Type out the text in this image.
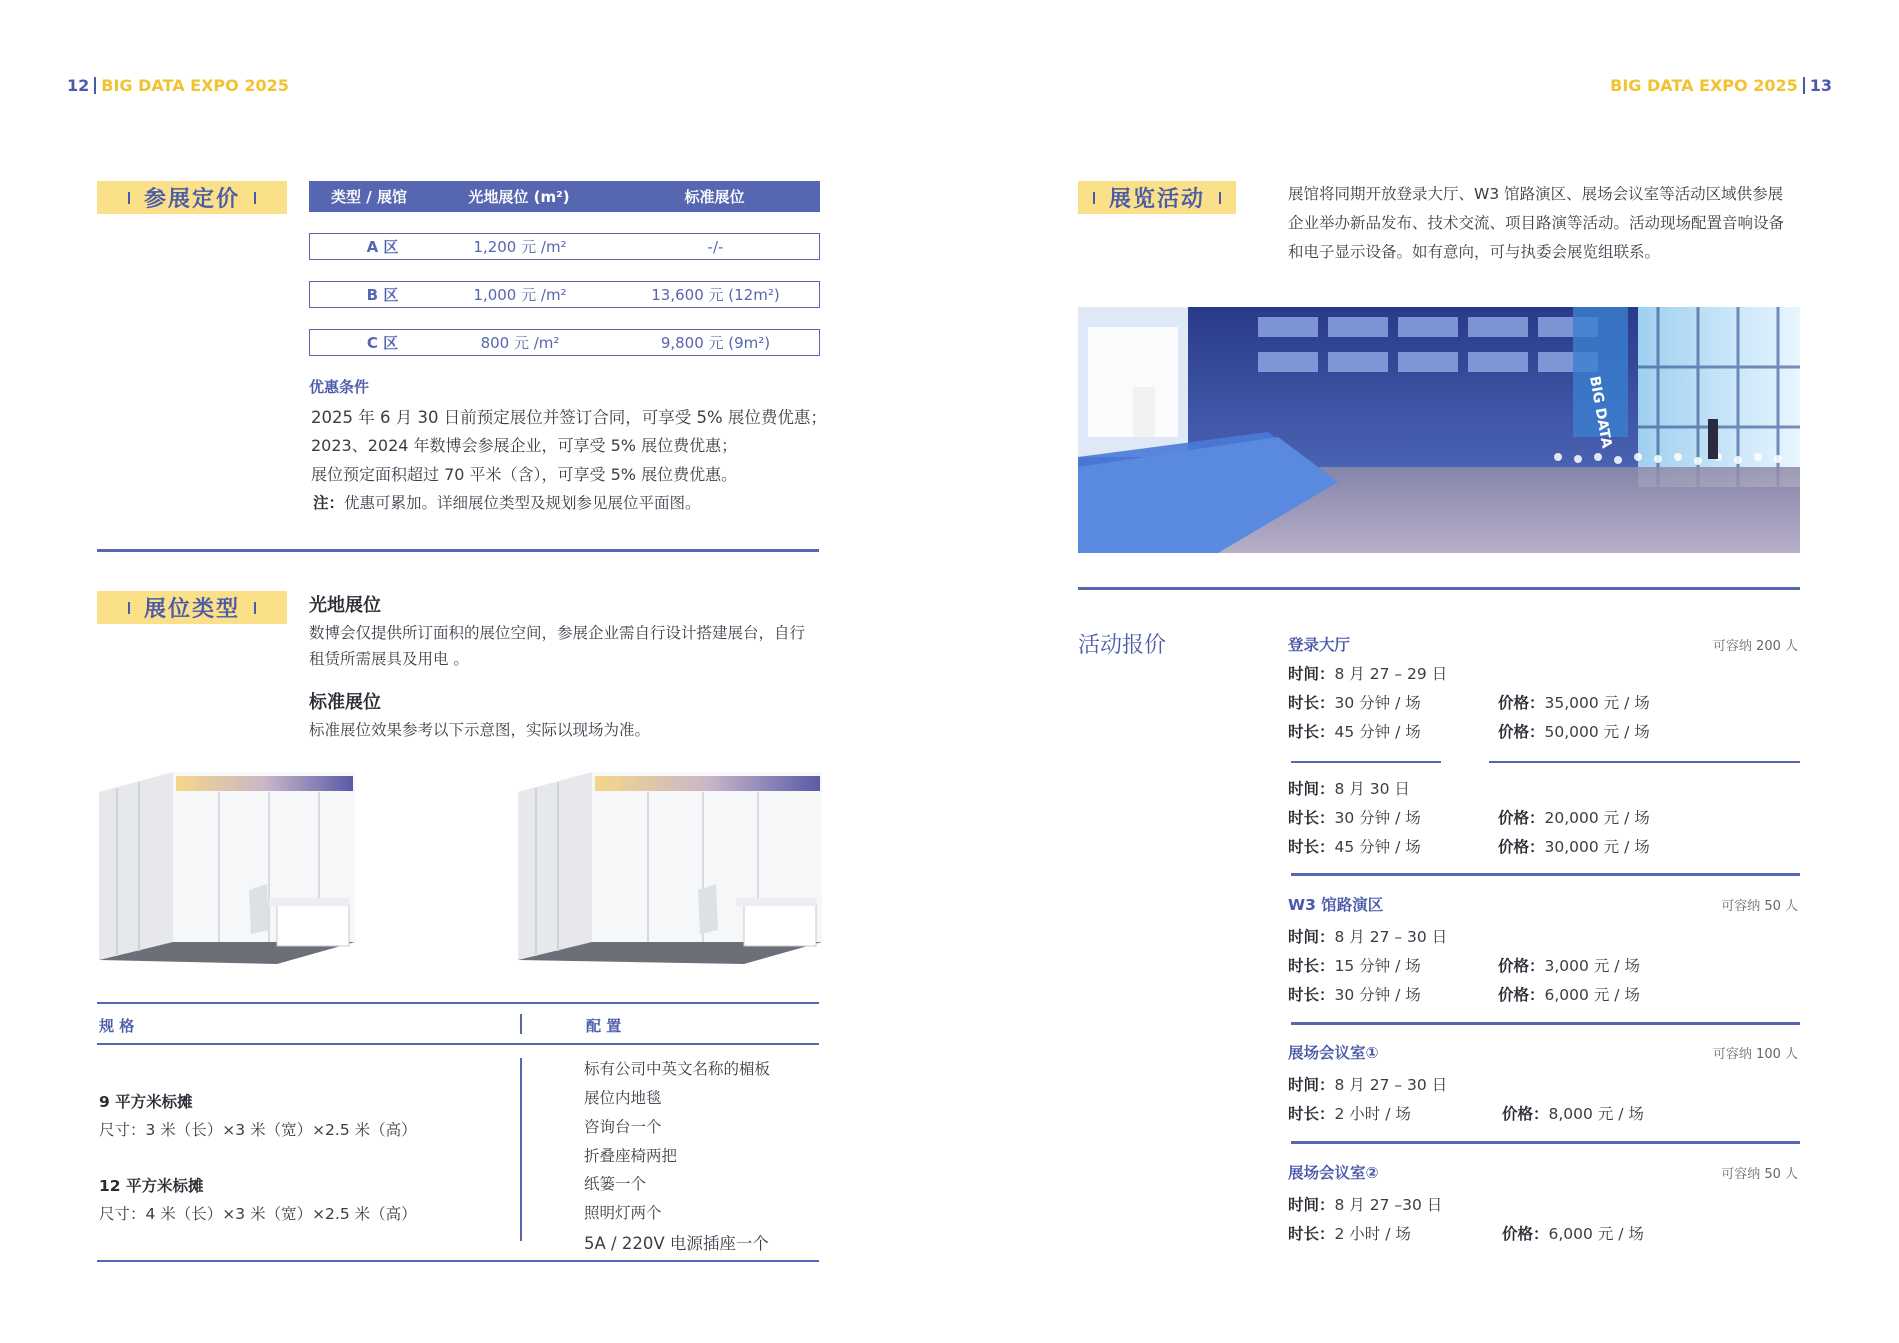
12 BIG DATA EXPO 2025	BIG DATA EXPO 2025 13
参展定价	类型 / 展馆	光地展位 (m²)	标准展位
A 区	1,200 元 /m²	-/-
B 区	1,000 元 /m²	13,600 元 (12m²)
C 区	800 元 /m²	9,800 元 (9m²)
优惠条件
2025 年 6 月 30 日前预定展位并签订合同，可享受 5% 展位费优惠；
2023、2024 年数博会参展企业，可享受 5% 展位费优惠；
展位预定面积超过 70 平米（含），可享受 5% 展位费优惠。
注：优惠可累加。详细展位类型及规划参见展位平面图。
展位类型	光地展位
数博会仅提供所订面积的展位空间，参展企业需自行设计搭建展台，自行
租赁所需展具及用电 。
标准展位
标准展位效果参考以下示意图，实际以现场为准。
规 格	配 置
9 平方米标摊
尺寸：3 米（长）×3 米（宽）×2.5 米（高）
12 平方米标摊
尺寸：4 米（长）×3 米（宽）×2.5 米（高）
标有公司中英文名称的楣板
展位内地毯
咨询台一个
折叠座椅两把
纸篓一个
照明灯两个
5A / 220V 电源插座一个
展览活动	展馆将同期开放登录大厅、W3 馆路演区、展场会议室等活动区域供参展
企业举办新品发布、技术交流、项目路演等活动。活动现场配置音响设备
和电子显示设备。如有意向，可与执委会展览组联系。
BIG DATA
活动报价	登录大厅	可容纳 200 人
时间：8 月 27 – 29 日
时长：30 分钟 / 场	价格：35,000 元 / 场
时长：45 分钟 / 场	价格：50,000 元 / 场
时间：8 月 30 日
时长：30 分钟 / 场	价格：20,000 元 / 场
时长：45 分钟 / 场	价格：30,000 元 / 场
W3 馆路演区	可容纳 50 人
时间：8 月 27 – 30 日
时长：15 分钟 / 场	价格：3,000 元 / 场
时长：30 分钟 / 场	价格：6,000 元 / 场
展场会议室①	可容纳 100 人
时间：8 月 27 – 30 日
时长：2 小时 / 场	价格：8,000 元 / 场
展场会议室②	可容纳 50 人
时间：8 月 27 –30 日
时长：2 小时 / 场	价格：6,000 元 / 场
